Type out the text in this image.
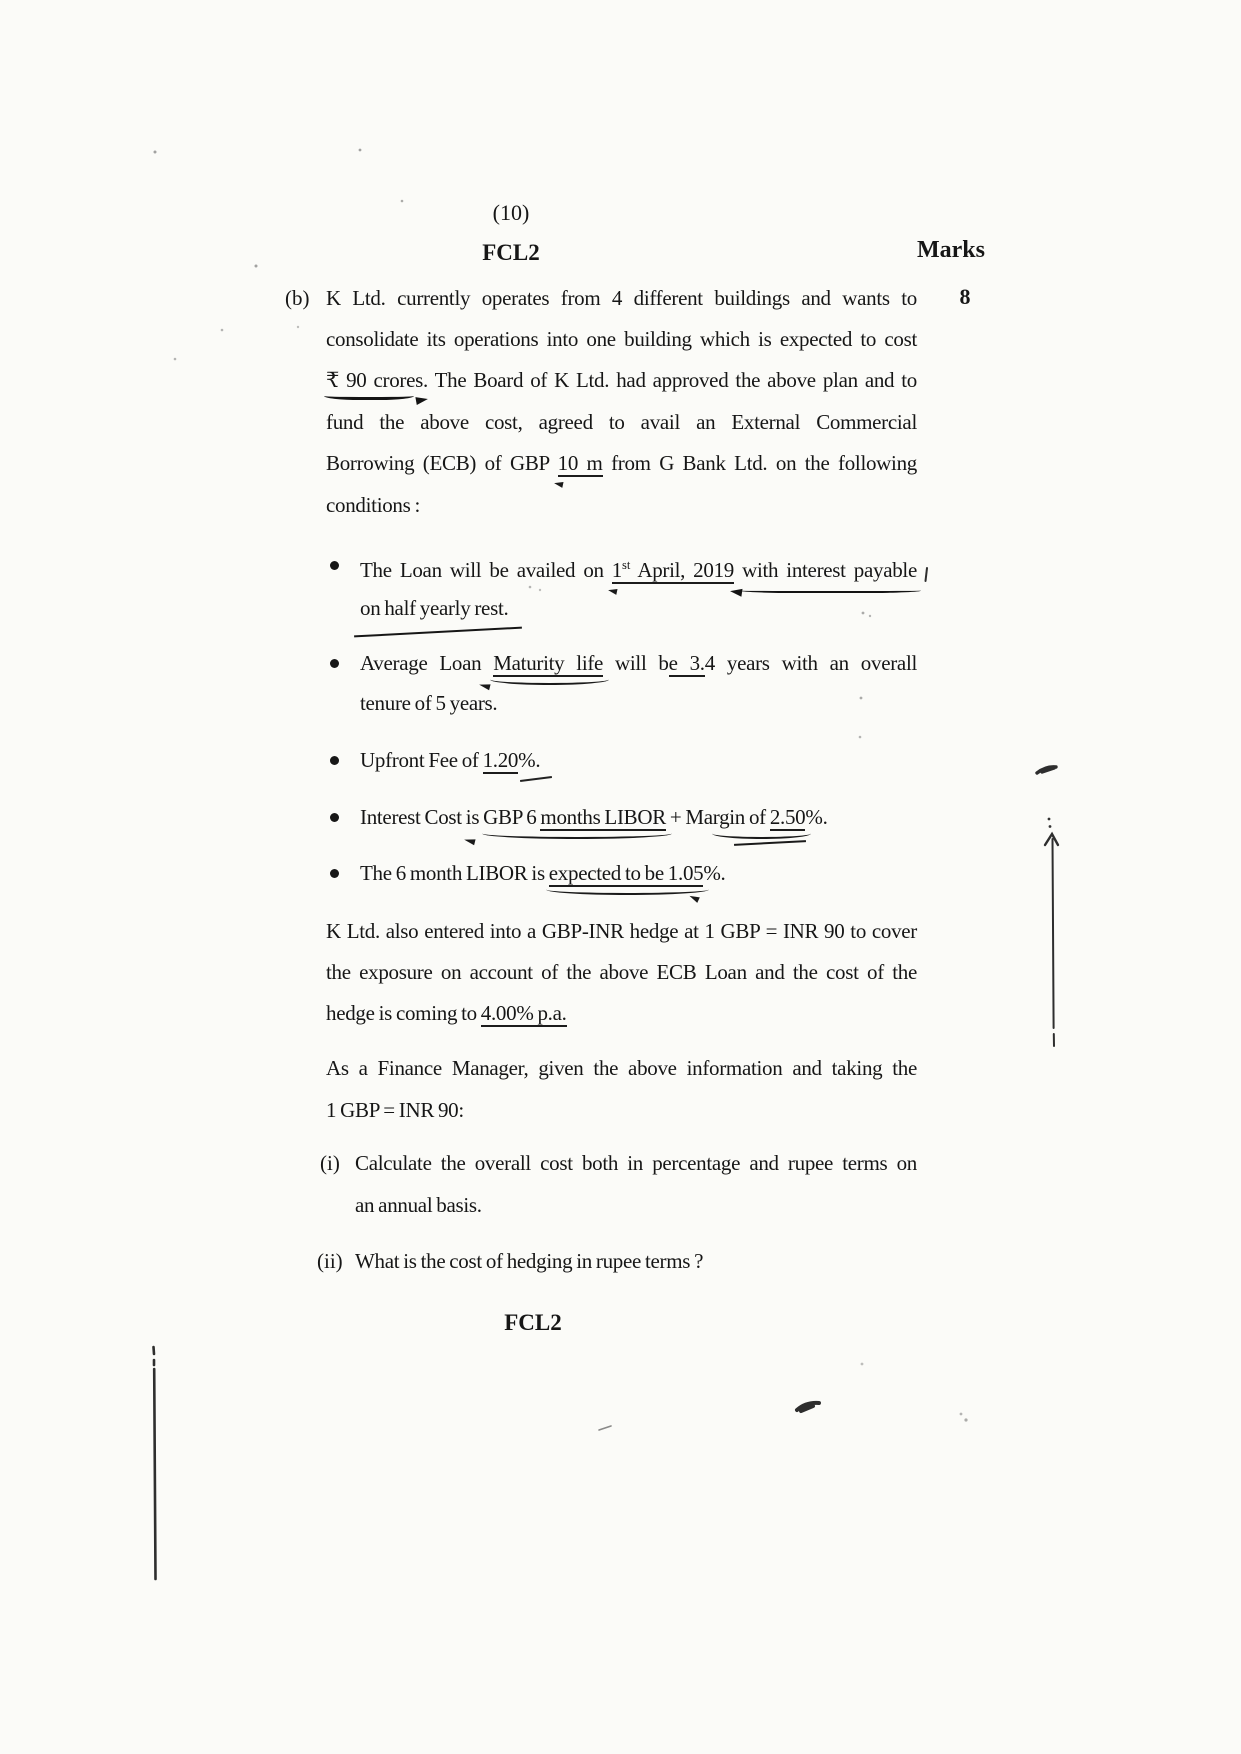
(10)
FCL2	Marks
8
(b) K Ltd. currently operates from 4 different buildings and wants to
consolidate its operations into one building which is expected to cost
₹ 90 crores. The Board of K Ltd. had approved the above plan and to
fund the above cost, agreed to avail an External Commercial
Borrowing (ECB) of GBP 10 m from G Bank Ltd. on the following
conditions :
The Loan will be availed on 1st April, 2019 with interest payable
on half yearly rest.
Average Loan Maturity life will be 3.4 years with an overall
tenure of 5 years.
Upfront Fee of 1.20%.
Interest Cost is GBP 6 months LIBOR + Margin of 2.50%.
The 6 month LIBOR is expected to be 1.05%.
K Ltd. also entered into a GBP-INR hedge at 1 GBP = INR 90 to cover
the exposure on account of the above ECB Loan and the cost of the
hedge is coming to 4.00% p.a.
As a Finance Manager, given the above information and taking the
1 GBP = INR 90:
(i) Calculate the overall cost both in percentage and rupee terms on
an annual basis.
(ii) What is the cost of hedging in rupee terms ?
FCL2
